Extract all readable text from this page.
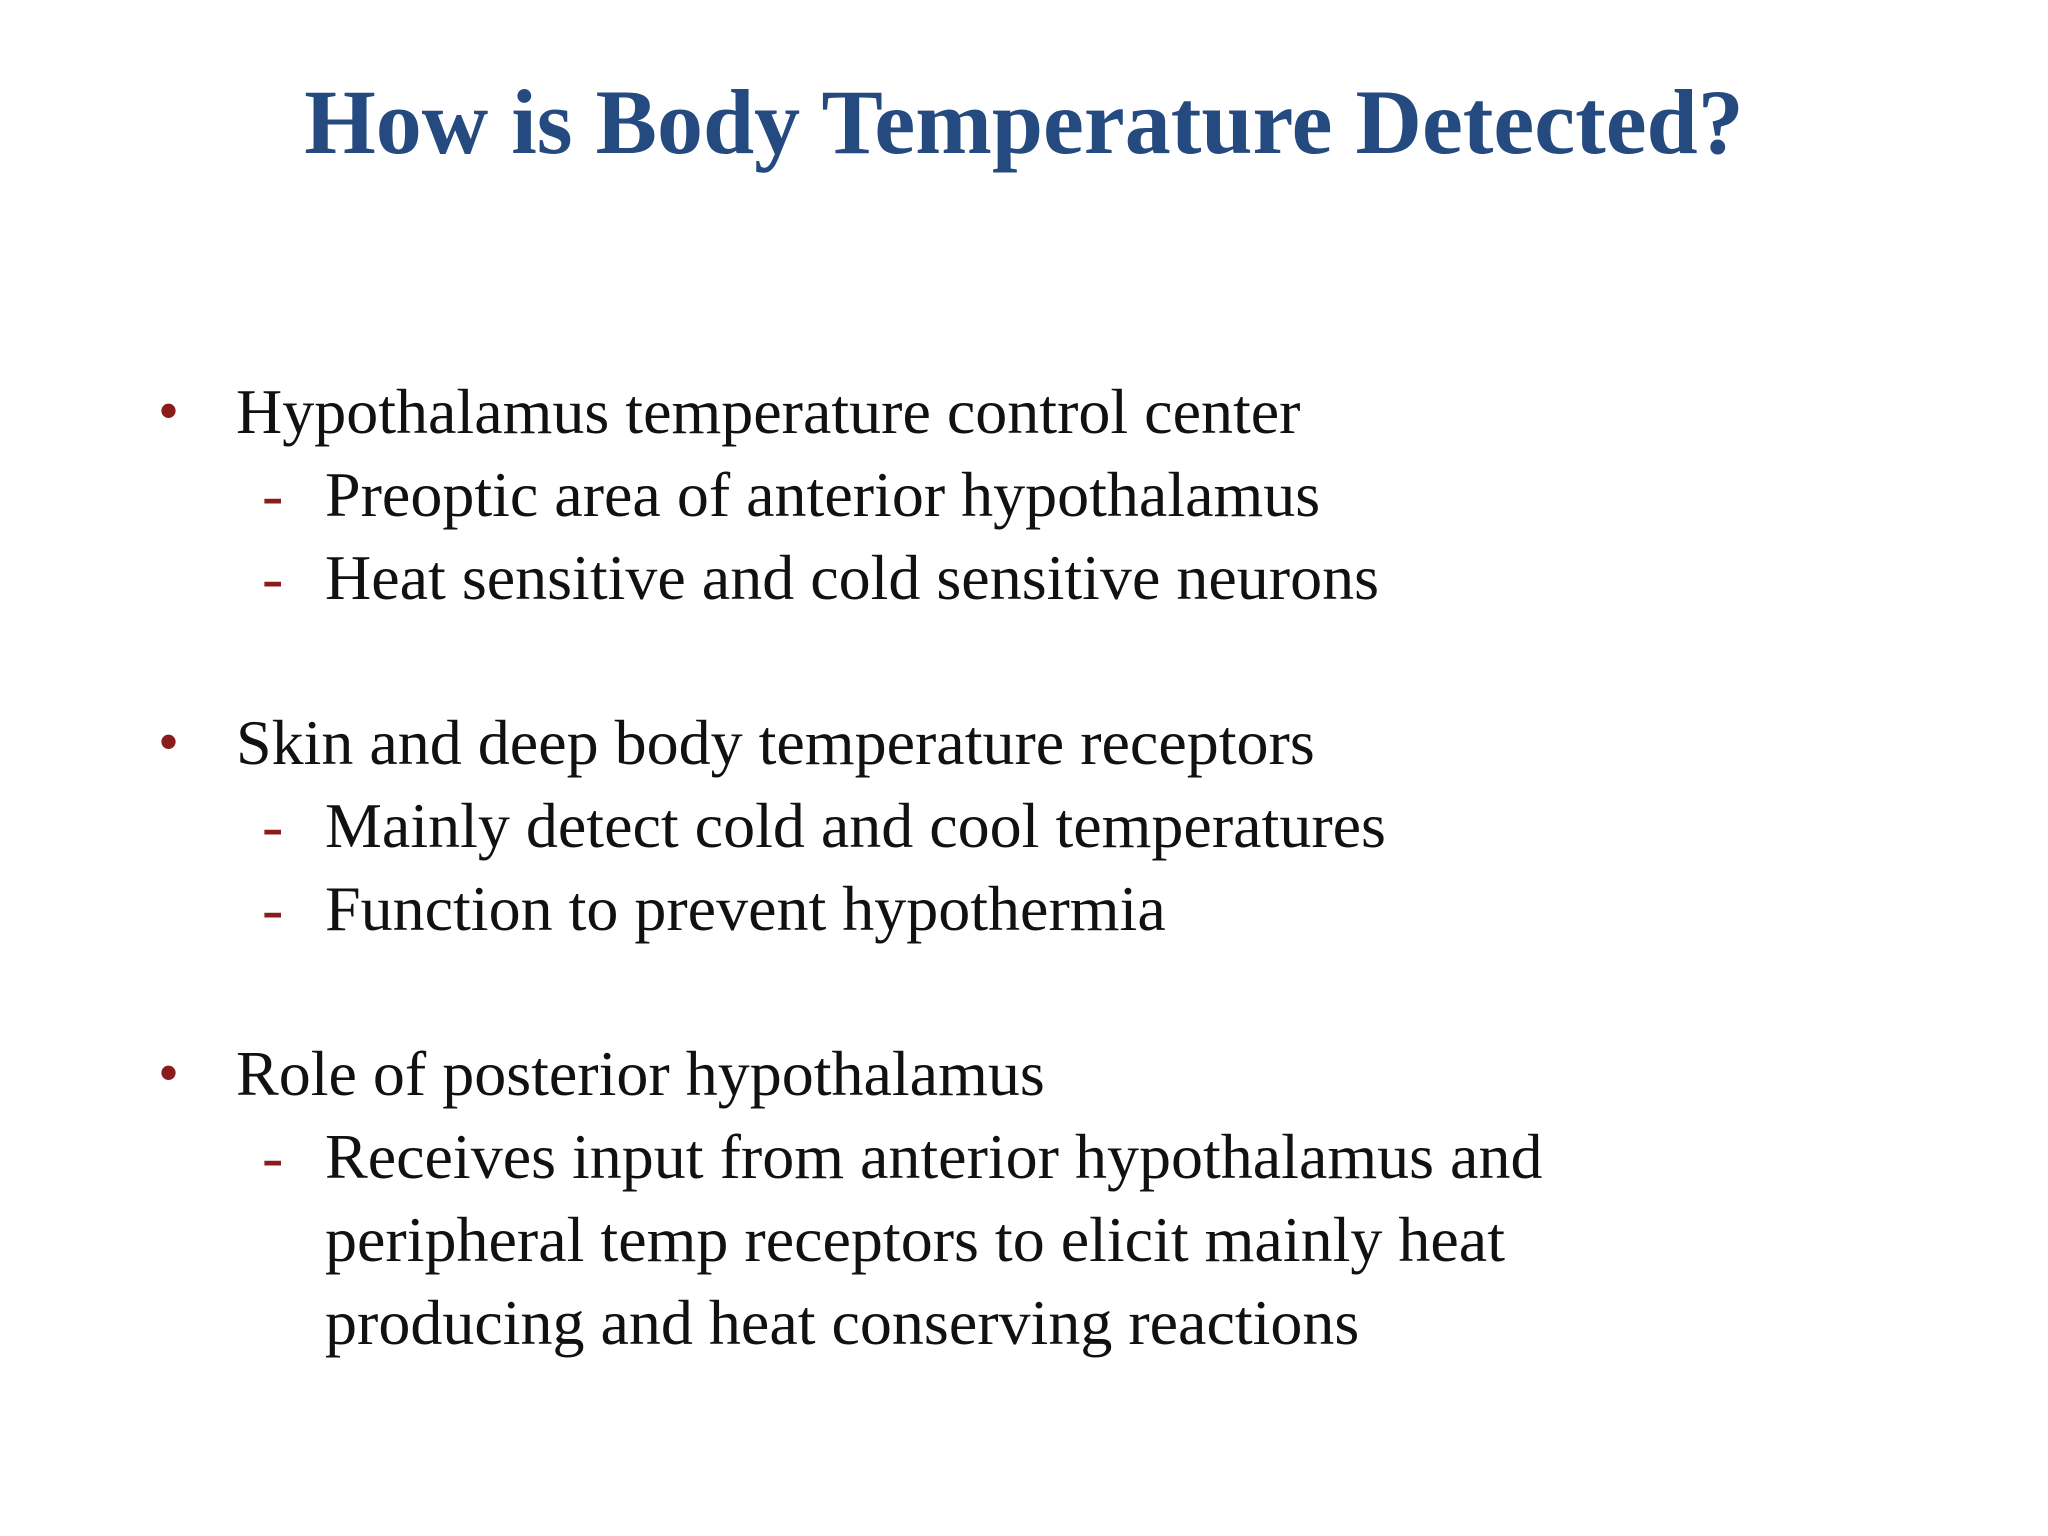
How is Body Temperature Detected?
• Hypothalamus temperature control center
- Preoptic area of anterior hypothalamus
- Heat sensitive and cold sensitive neurons
• Skin and deep body temperature receptors
- Mainly detect cold and cool temperatures
- Function to prevent hypothermia
• Role of posterior hypothalamus
- Receives input from anterior hypothalamus and peripheral temp receptors to elicit mainly heat producing and heat conserving reactions
